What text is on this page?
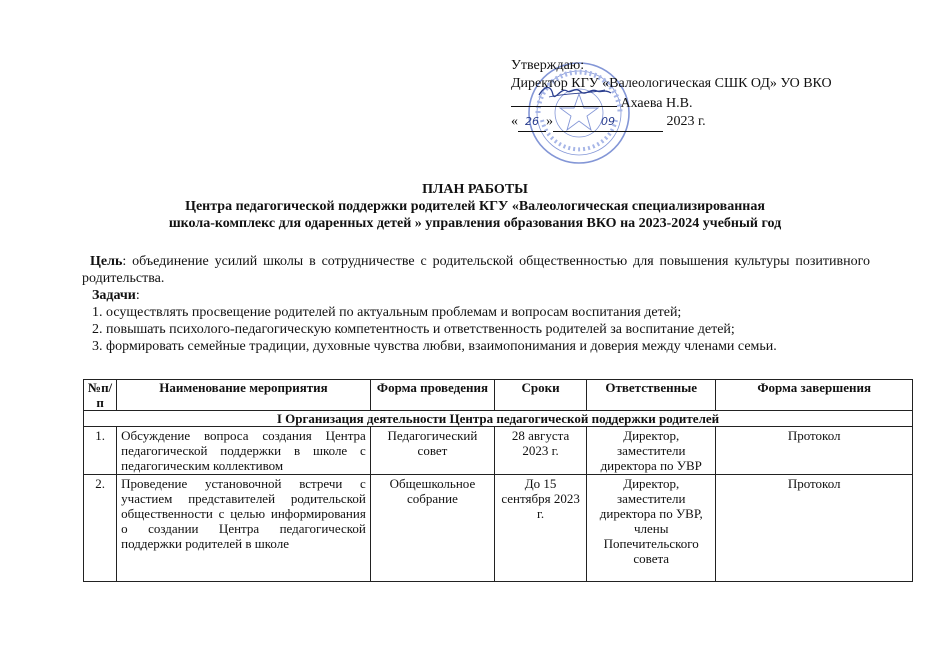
Утверждаю:
Директор КГУ «Валеологическая СШК ОД» УО ВКО
Ахаева Н.В.
« 26 »	09	2023 г.
ПЛАН РАБОТЫ
Центра педагогической поддержки родителей КГУ «Валеологическая специализированная
школа-комплекс для одаренных детей » управления образования ВКО на 2023-2024 учебный год
Цель: объединение усилий школы в сотрудничестве с родительской общественностью для повышения культуры позитивного родительства.
Задачи:
1. осуществлять просвещение родителей по актуальным проблемам и вопросам воспитания детей;
2. повышать психолого-педагогическую компетентность и ответственность родителей за воспитание детей;
3. формировать семейные традиции, духовные чувства любви, взаимопонимания и доверия между членами семьи.
№п/п	Наименование мероприятия	Форма проведения	Сроки	Ответственные	Форма завершения
I Организация деятельности Центра педагогической поддержки родителей					
1.	Обсуждение вопроса создания Центра педагогической поддержки в школе с педагогическим коллективом	Педагогический совет	28 августа 2023 г.	Директор, заместители директора по УВР	Протокол
2.	Проведение установочной встречи с участием представителей родительской общественности с целью информирования о создании Центра педагогической поддержки родителей в школе	Общешкольное собрание	До 15 сентября 2023 г.	Директор, заместители директора по УВР, члены Попечительского совета	Протокол
